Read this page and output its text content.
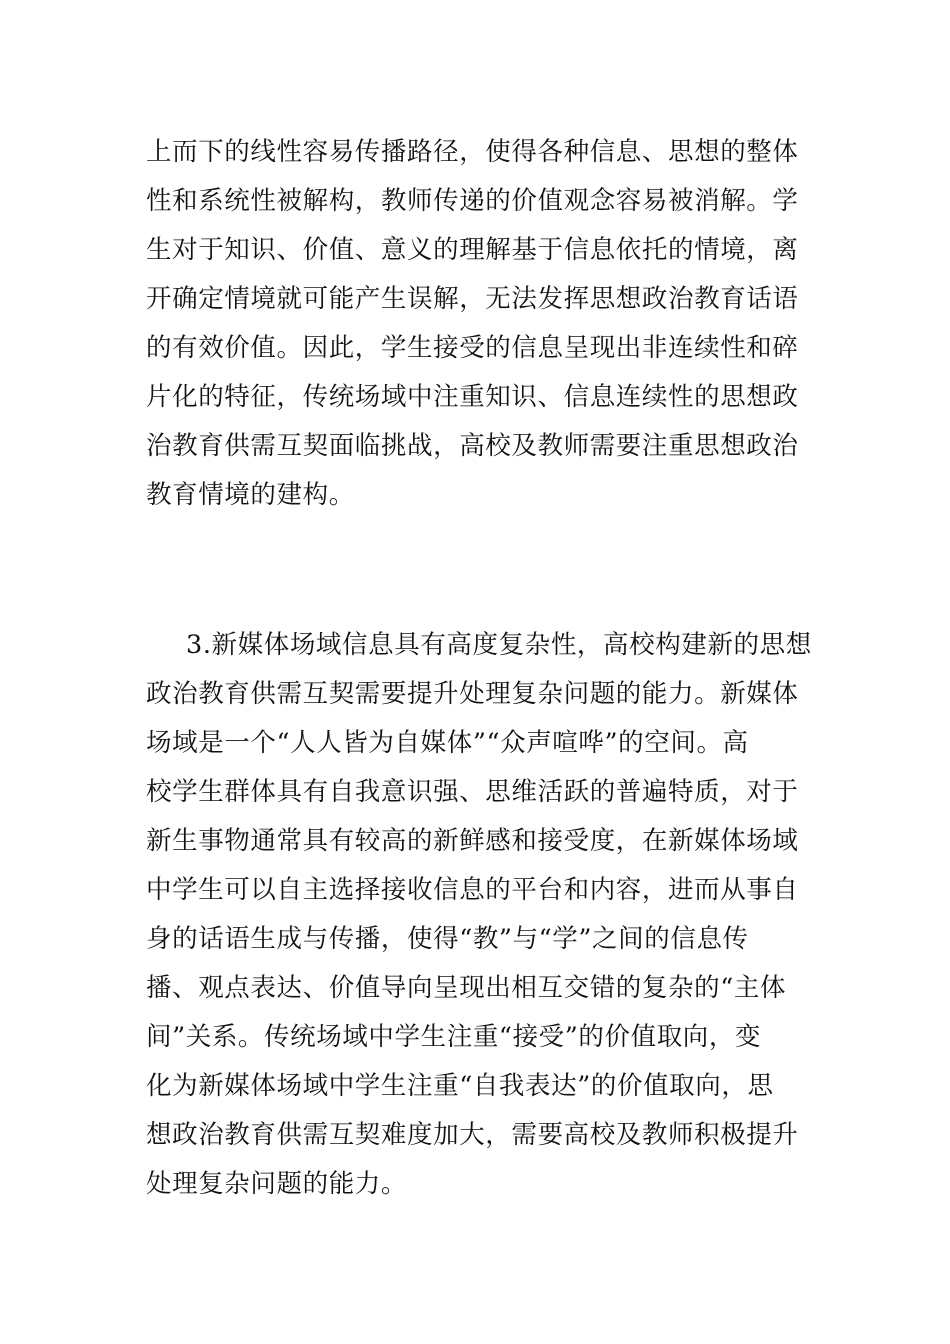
上而下的线性容易传播路径，使得各种信息、思想的整体
性和系统性被解构，教师传递的价值观念容易被消解。学
生对于知识、价值、意义的理解基于信息依托的情境，离
开确定情境就可能产生误解，无法发挥思想政治教育话语
的有效价值。因此，学生接受的信息呈现出非连续性和碎
片化的特征，传统场域中注重知识、信息连续性的思想政
治教育供需互契面临挑战，高校及教师需要注重思想政治
教育情境的建构。
3.新媒体场域信息具有高度复杂性，高校构建新的思想
政治教育供需互契需要提升处理复杂问题的能力。新媒体
场域是一个“人人皆为自媒体”“众声喧哗”的空间。高
校学生群体具有自我意识强、思维活跃的普遍特质，对于
新生事物通常具有较高的新鲜感和接受度，在新媒体场域
中学生可以自主选择接收信息的平台和内容，进而从事自
身的话语生成与传播，使得“教”与“学”之间的信息传
播、观点表达、价值导向呈现出相互交错的复杂的“主体
间”关系。传统场域中学生注重“接受”的价值取向，变
化为新媒体场域中学生注重“自我表达”的价值取向，思
想政治教育供需互契难度加大，需要高校及教师积极提升
处理复杂问题的能力。
